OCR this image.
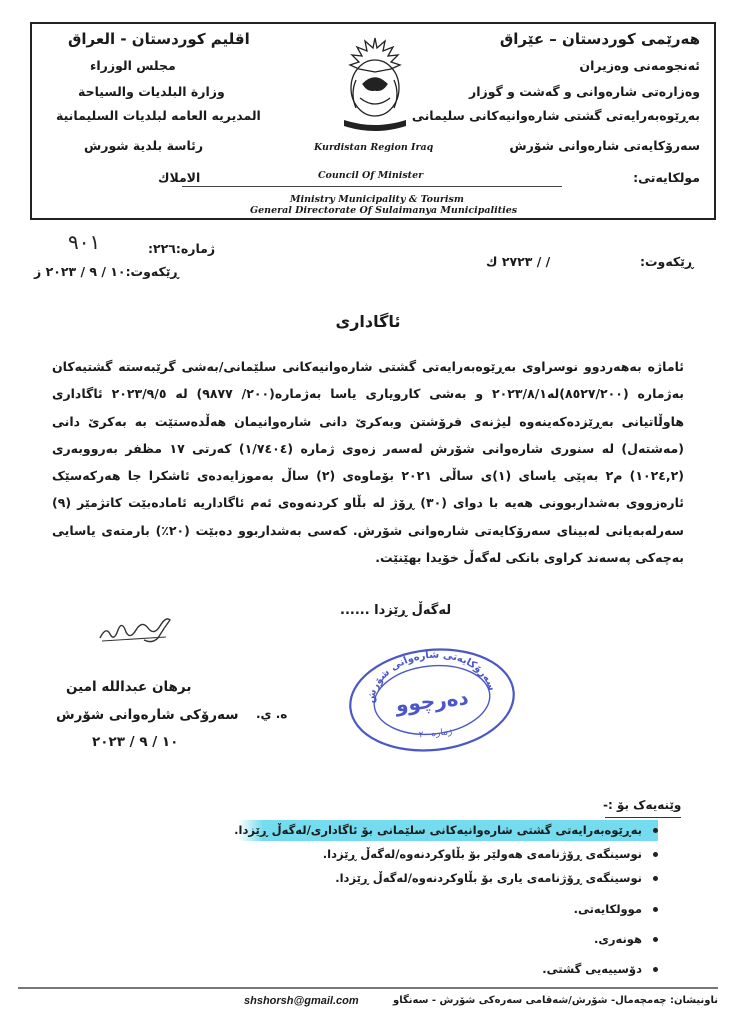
هەرێمی کوردستان – عێراق
ئەنجومەنی وەزیران
وەزارەتی شارەوانی و گەشت و گوزار
بەڕێوەبەرایەتی گشتی شارەوانیەکانی سلیمانی
سەرۆکایەتی شارەوانی شۆرش
مولکایەتی:
اقليم كوردستان - العراق
مجلس الوزراء
وزارة البلديات والسياحة
المديريه العامه لبلديات السليمانية
رئاسة بلدية شورش
الاملاك
Kurdistan Region Iraq
Council Of Minister
Ministry Municipality & Tourism
General Directorate Of Sulaimanya Municipalities
ژمارە:٢٢٦:
٩٠١
ڕێکەوت:١٠ / ٩ / ٢٠٢٣ ز
ڕێکەوت:
/ / ٢٧٢٣ ك
ئاگاداری

ئاماژە بەهەردوو نوسراوی بەڕێوەبەرایەتی گشتی شارەوانیەکانی سلێمانی/بەشی گرێبەستە گشتیەکان بەژمارە (٨٥٢٧/٢٠٠)لە٢٠٢٣/٨/١ و بەشی کارویاری یاسا بەژمارە(٢٠٠/ ٩٨٧٧) لە ٢٠٢٣/٩/٥ ئاگاداری هاوڵاتیانی بەڕێزدەکەینەوە لیژنەی فرۆشتن وبەکرێ دانی شارەوانیمان هەڵدەستێت بە بەکرێ دانی (مەشتەل) لە سنوری شارەوانی شۆرش لەسەر زەوی ژمارە (١/٧٤٠٤) کەرتی ١٧ مظفر بەرووبەری (١٠٢٤,٢) م٢ بەپێی یاسای (١)ی ساڵی ٢٠٢١ بۆماوەی (٢) ساڵ بەموزایەدەی ئاشکرا جا هەرکەسێک ئارەزووی بەشداربوونی هەیە با دوای (٣٠) ڕۆژ لە بڵاو کردنەوەی ئەم ئاگاداریە ئامادەبێت کاتژمێر (٩) سەرلەبەیانی لەبینای سەرۆکایەتی شارەوانی شۆرش. کەسی بەشداربوو دەبێت (٢٠٪) بارمتەی یاسایی بەچەکی پەسەند کراوی بانکی لەگەڵ خۆیدا بهێنێت.

لەگەڵ ڕێزدا ......
برهان عبدالله امين
سەرۆکی شارەوانی شۆرش ە. ي.
١٠ / ٩ / ٢٠٢٣
سەرۆکایەتی شارەوانی شۆرش
دەرچوو
ژمارە ٢٠
وێنەیەک بۆ :-
بەڕێوەبەرایەتی گشتی شارەوانیەکانی سلێمانی بۆ ئاگاداری/لەگەڵ ڕێزدا.
نوسینگەی ڕۆژنامەی هەولێر بۆ بڵاوکردنەوە/لەگەڵ ڕێزدا.
نوسینگەی ڕۆژنامەی یاری بۆ بڵاوکردنەوە/لەگەڵ ڕێزدا.
موولکایەتی.
هونەری.
دۆسییەیی گشتی.
ناونیشان: چەمچەمال- شۆرش/شەقامی سەرەکی شۆرش - سەنگاو
shshorsh@gmail.com
